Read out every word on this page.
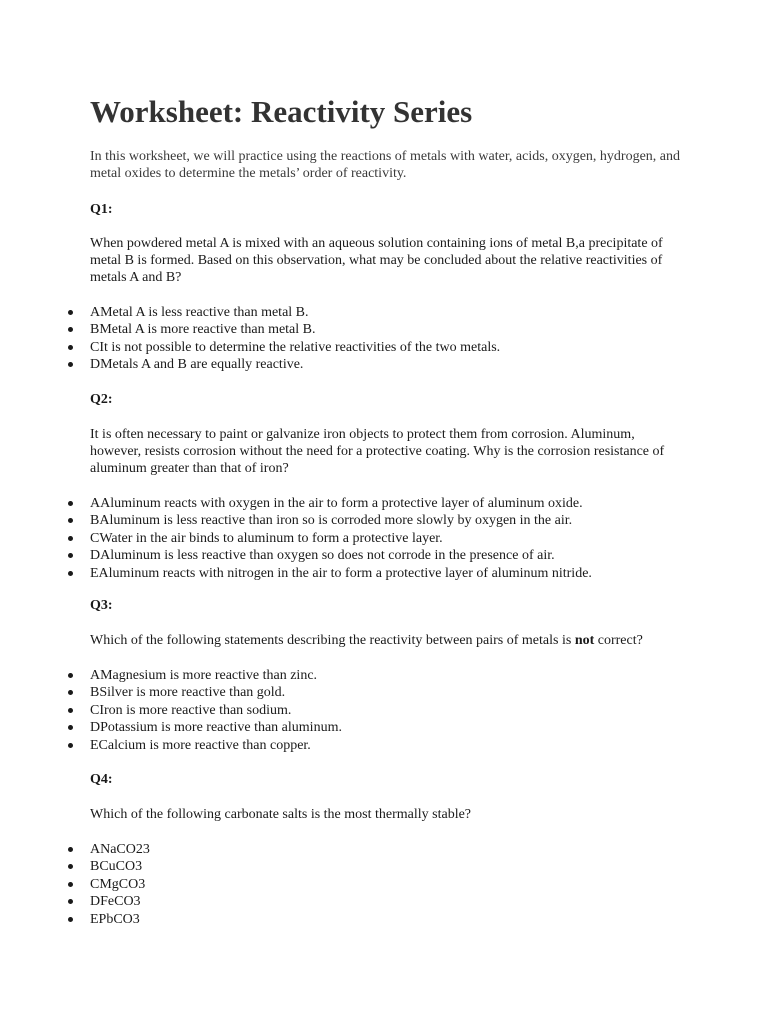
Worksheet: Reactivity Series

In this worksheet, we will practice using the reactions of metals with water, acids, oxygen, hydrogen, and metal oxides to determine the metals’ order of reactivity.

Q1:

When powdered metal A is mixed with an aqueous solution containing ions of metal B,a precipitate of metal B is formed. Based on this observation, what may be concluded about the relative reactivities of metals A and B?

AMetal A is less reactive than metal B.
BMetal A is more reactive than metal B.
CIt is not possible to determine the relative reactivities of the two metals.
DMetals A and B are equally reactive.

Q2:

It is often necessary to paint or galvanize iron objects to protect them from corrosion. Aluminum, however, resists corrosion without the need for a protective coating. Why is the corrosion resistance of aluminum greater than that of iron?

AAluminum reacts with oxygen in the air to form a protective layer of aluminum oxide.
BAluminum is less reactive than iron so is corroded more slowly by oxygen in the air.
CWater in the air binds to aluminum to form a protective layer.
DAluminum is less reactive than oxygen so does not corrode in the presence of air.
EAluminum reacts with nitrogen in the air to form a protective layer of aluminum nitride.

Q3:

Which of the following statements describing the reactivity between pairs of metals is not correct?

AMagnesium is more reactive than zinc.
BSilver is more reactive than gold.
CIron is more reactive than sodium.
DPotassium is more reactive than aluminum.
ECalcium is more reactive than copper.

Q4:

Which of the following carbonate salts is the most thermally stable?

ANaCO23
BCuCO3
CMgCO3
DFeCO3
EPbCO3
